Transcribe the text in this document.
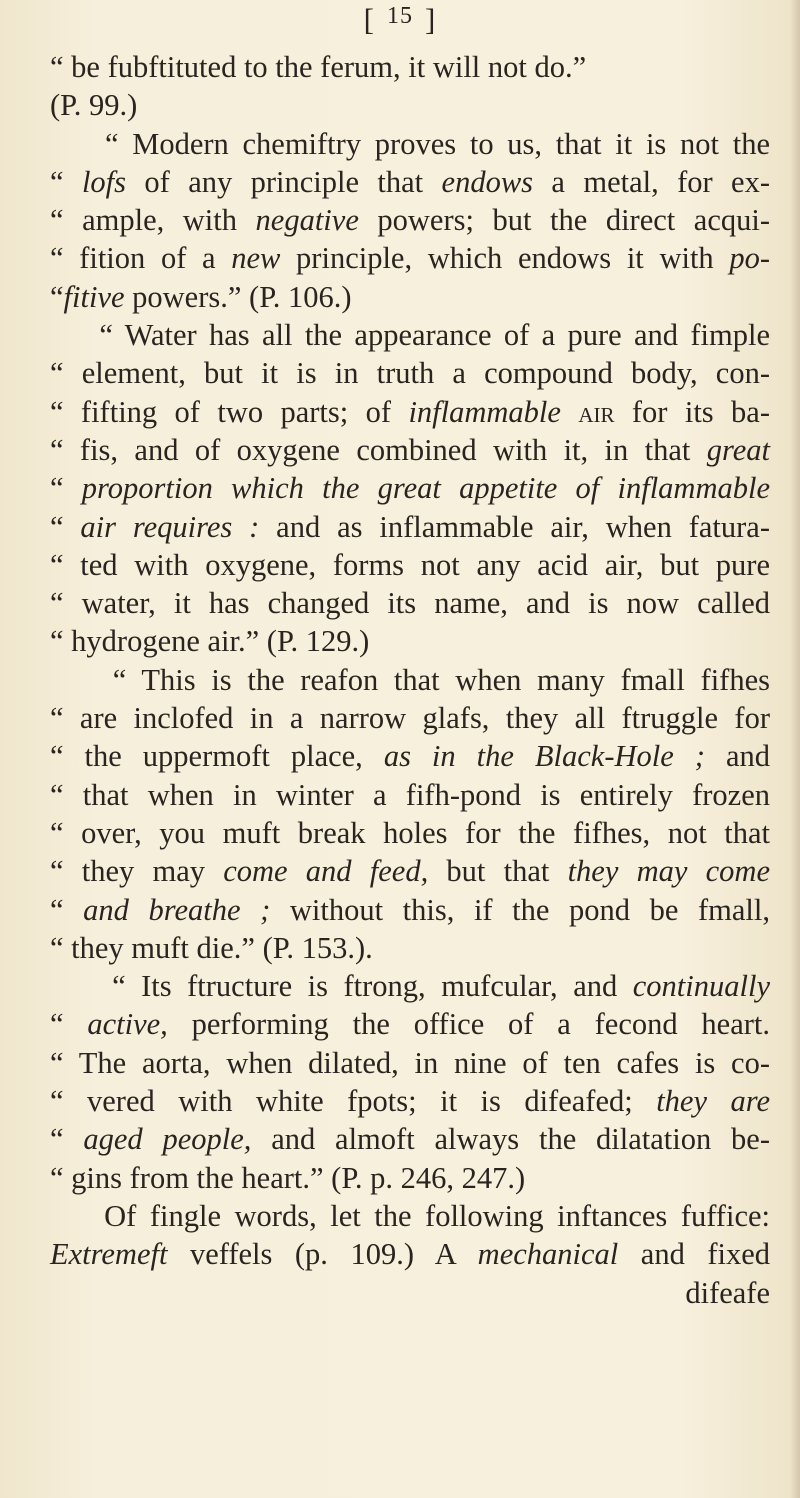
[ $^{15}$ ]
“ be fubftituted to the ferum, it will not do.”
(P. 99.)
“ Modern chemiftry proves to us, that it is not the
“ lofs of any principle that endows a metal, for ex-
“ ample, with negative powers; but the direct acqui-
“ fition of a new principle, which endows it with po-
“fitive powers.” (P. 106.)
“ Water has all the appearance of a pure and fimple
“ element, but it is in truth a compound body, con-
“ fifting of two parts; of inflammable air for its ba-
“ fis, and of oxygene combined with it, in that great
“ proportion which the great appetite of inflammable
“ air requires : and as inflammable air, when fatura-
“ ted with oxygene, forms not any acid air, but pure
“ water, it has changed its name, and is now called
“ hydrogene air.” (P. 129.)
“ This is the reafon that when many fmall fifhes
“ are inclofed in a narrow glafs, they all ftruggle for
“ the uppermoft place, as in the Black-Hole ; and
“ that when in winter a fifh-pond is entirely frozen
“ over, you muft break holes for the fifhes, not that
“ they may come and feed, but that they may come
“ and breathe ; without this, if the pond be fmall,
“ they muft die.” (P. 153.).
“ Its ftructure is ftrong, mufcular, and continually
“ active, performing the office of a fecond heart.
“ The aorta, when dilated, in nine of ten cafes is co-
“ vered with white fpots; it is difeafed; they are
“ aged people, and almoft always the dilatation be-
“ gins from the heart.” (P. p. 246, 247.)
Of fingle words, let the following inftances fuffice:
Extremeft veffels (p. 109.) A mechanical and fixed
difeafe
